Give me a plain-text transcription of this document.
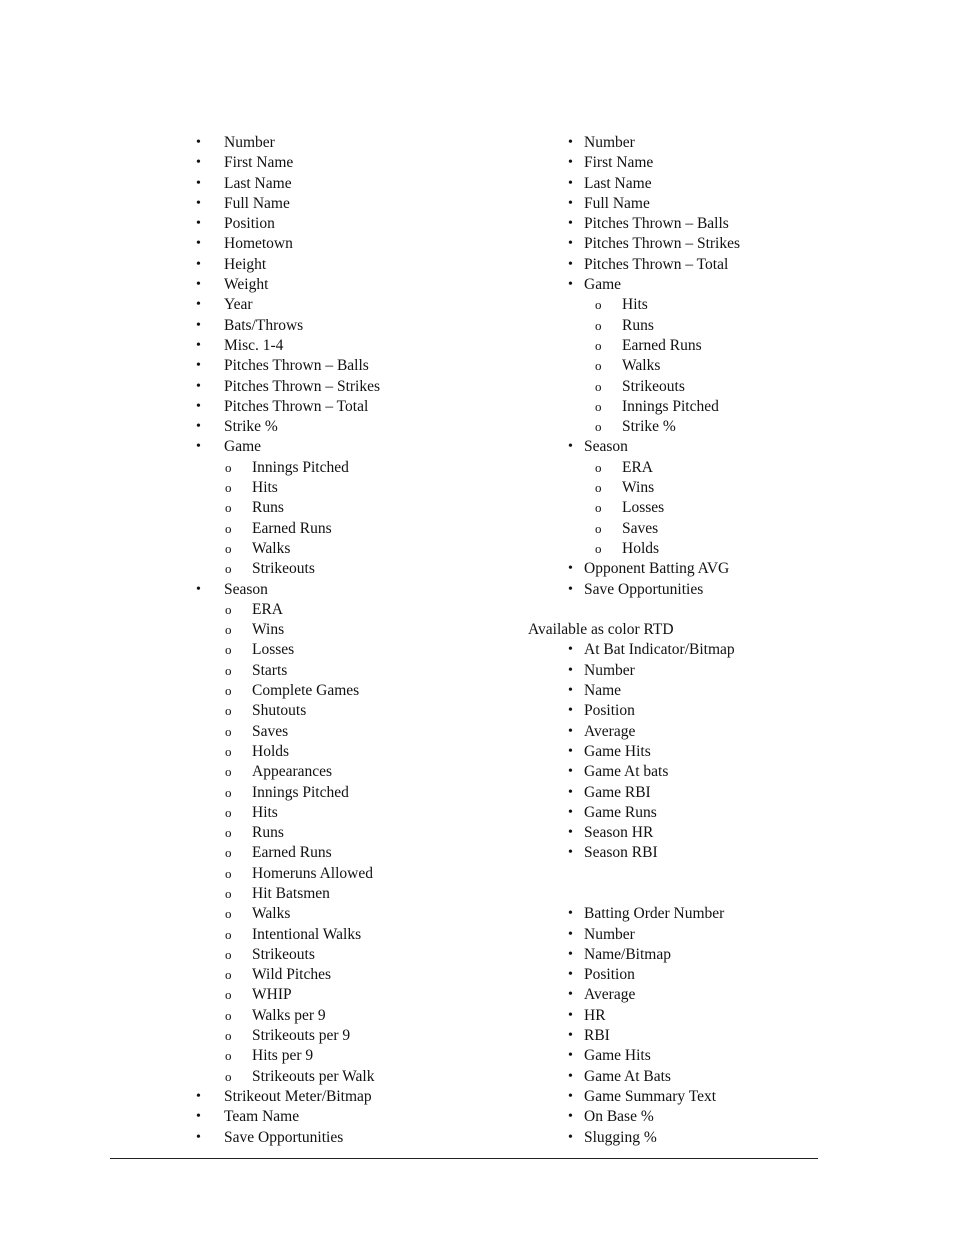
• Number
• First Name
• Last Name
• Full Name
• Position
• Hometown
• Height
• Weight
• Year
• Bats/Throws
• Misc. 1-4
• Pitches Thrown – Balls
• Pitches Thrown – Strikes
• Pitches Thrown – Total
• Strike %
• Game
o Innings Pitched
o Hits
o Runs
o Earned Runs
o Walks
o Strikeouts
• Season
o ERA
o Wins
o Losses
o Starts
o Complete Games
o Shutouts
o Saves
o Holds
o Appearances
o Innings Pitched
o Hits
o Runs
o Earned Runs
o Homeruns Allowed
o Hit Batsmen
o Walks
o Intentional Walks
o Strikeouts
o Wild Pitches
o WHIP
o Walks per 9
o Strikeouts per 9
o Hits per 9
o Strikeouts per Walk
• Strikeout Meter/Bitmap
• Team Name
• Save Opportunities
• Number
• First Name
• Last Name
• Full Name
• Pitches Thrown – Balls
• Pitches Thrown – Strikes
• Pitches Thrown – Total
• Game
o Hits
o Runs
o Earned Runs
o Walks
o Strikeouts
o Innings Pitched
o Strike %
• Season
o ERA
o Wins
o Losses
o Saves
o Holds
• Opponent Batting AVG
• Save Opportunities
Available as color RTD
• At Bat Indicator/Bitmap
• Number
• Name
• Position
• Average
• Game Hits
• Game At bats
• Game RBI
• Game Runs
• Season HR
• Season RBI
• Batting Order Number
• Number
• Name/Bitmap
• Position
• Average
• HR
• RBI
• Game Hits
• Game At Bats
• Game Summary Text
• On Base %
• Slugging %
